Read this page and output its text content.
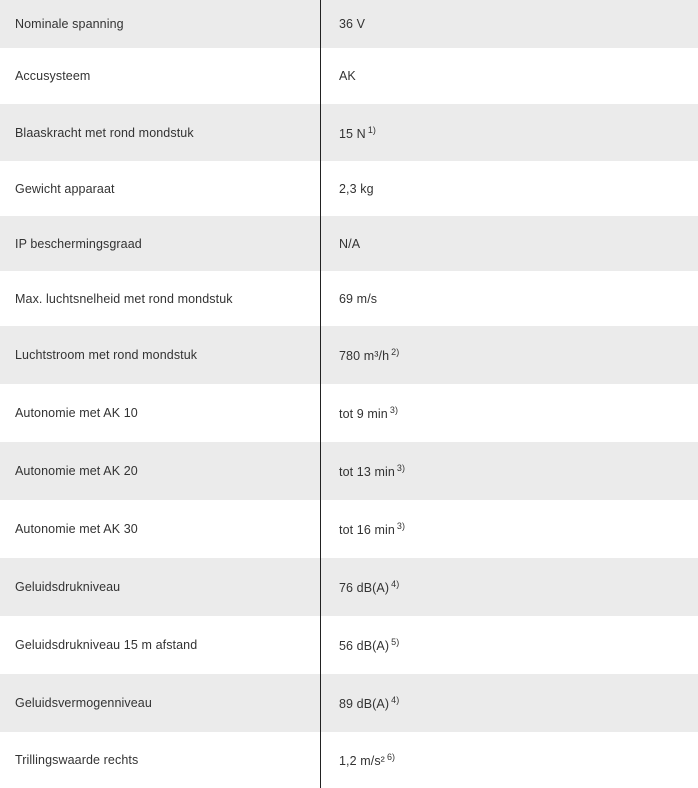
Nominale spanning	36 V
Accusysteem	AK
Blaaskracht met rond mondstuk	15 N $^{1)}$
Gewicht apparaat	2,3 kg
IP beschermingsgraad	N/A
Max. luchtsnelheid met rond mondstuk	69 m/s
Luchtstroom met rond mondstuk	780 m³/h $^{2)}$
Autonomie met AK 10	tot 9 min $^{3)}$
Autonomie met AK 20	tot 13 min $^{3)}$
Autonomie met AK 30	tot 16 min $^{3)}$
Geluidsdrukniveau	76 dB(A) $^{4)}$
Geluidsdrukniveau 15 m afstand	56 dB(A) $^{5)}$
Geluidsvermogenniveau	89 dB(A) $^{4)}$
Trillingswaarde rechts	1,2 m/s² $^{6)}$
